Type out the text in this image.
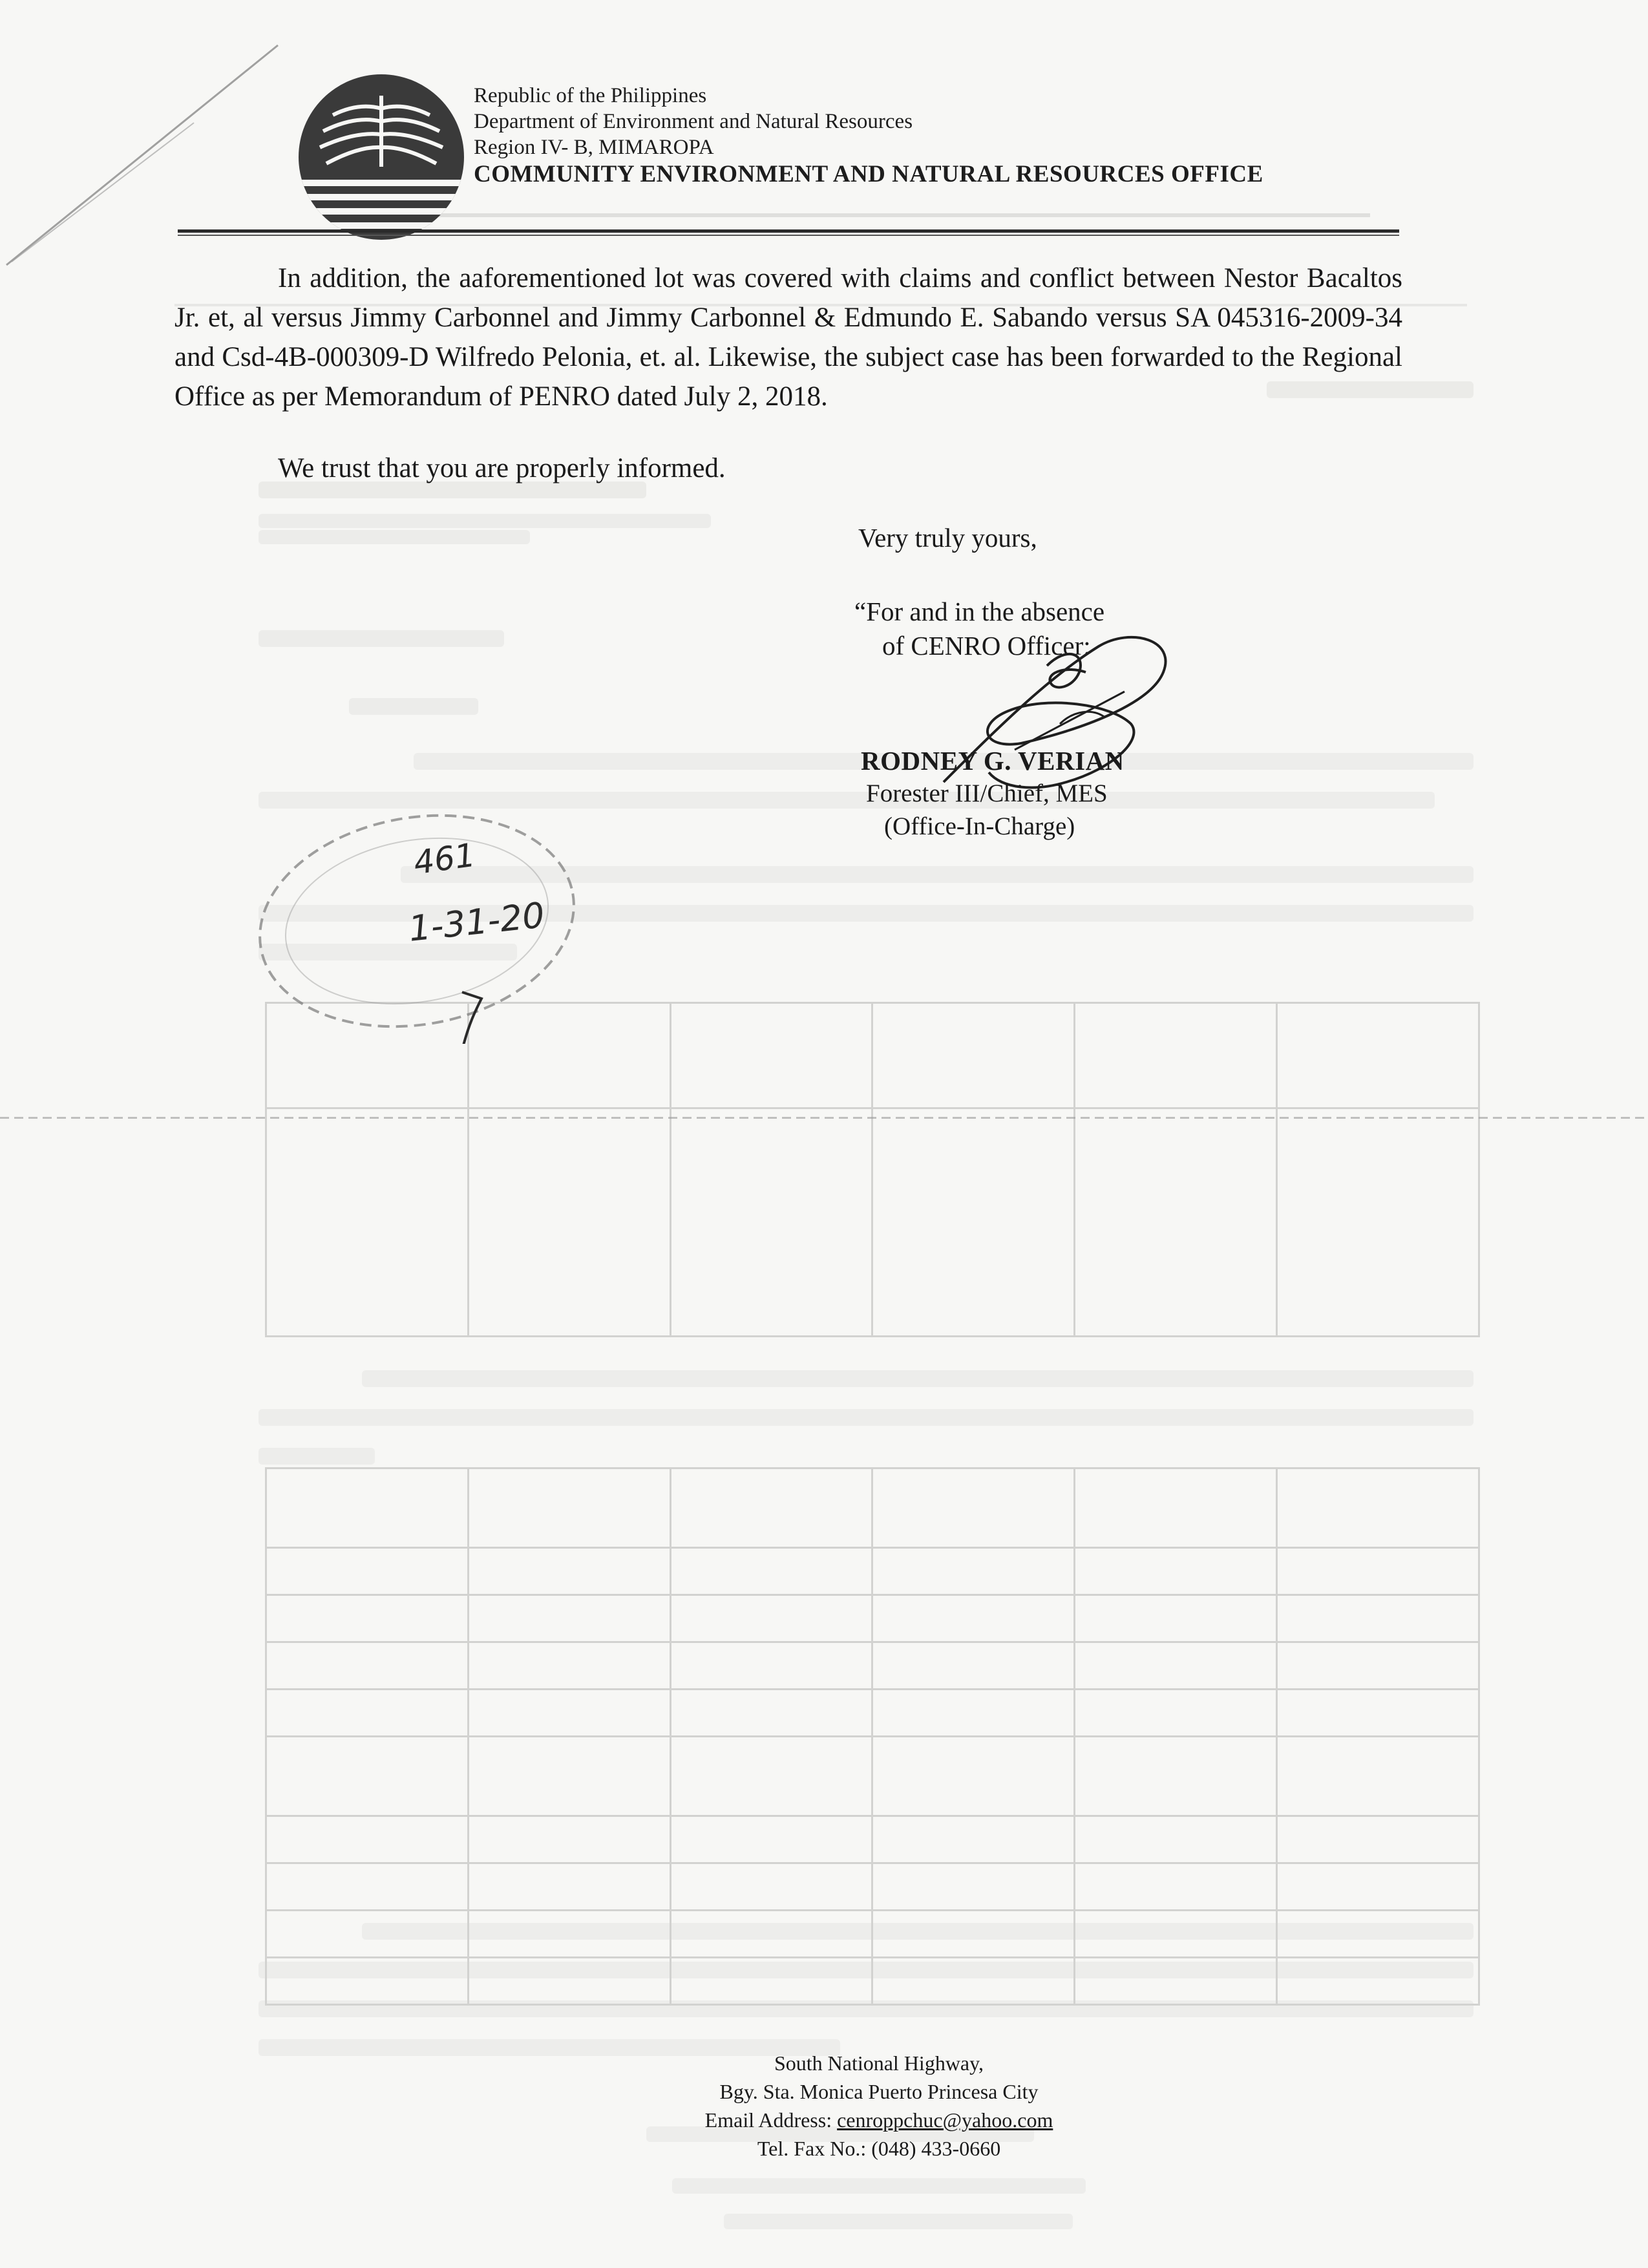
Republic of the Philippines
Department of Environment and Natural Resources
Region IV- B, MIMAROPA
COMMUNITY ENVIRONMENT AND NATURAL RESOURCES OFFICE
In addition, the aaforementioned lot was covered with claims and conflict between Nestor Bacaltos Jr. et, al versus Jimmy Carbonnel and Jimmy Carbonnel & Edmundo E. Sabando versus SA 045316-2009-34 and Csd-4B-000309-D Wilfredo Pelonia, et. al. Likewise, the subject case has been forwarded to the Regional Office as per Memorandum of PENRO dated July 2, 2018.
We trust that you are properly informed.
Very truly yours,
“For and in the absence
of CENRO Officer:
RODNEY G. VERIAN
Forester III/Chief, MES
(Office-In-Charge)
461
1-31-20
South National Highway,
Bgy. Sta. Monica Puerto Princesa City
Email Address: cenroppchuc@yahoo.com
Tel. Fax No.: (048) 433-0660
